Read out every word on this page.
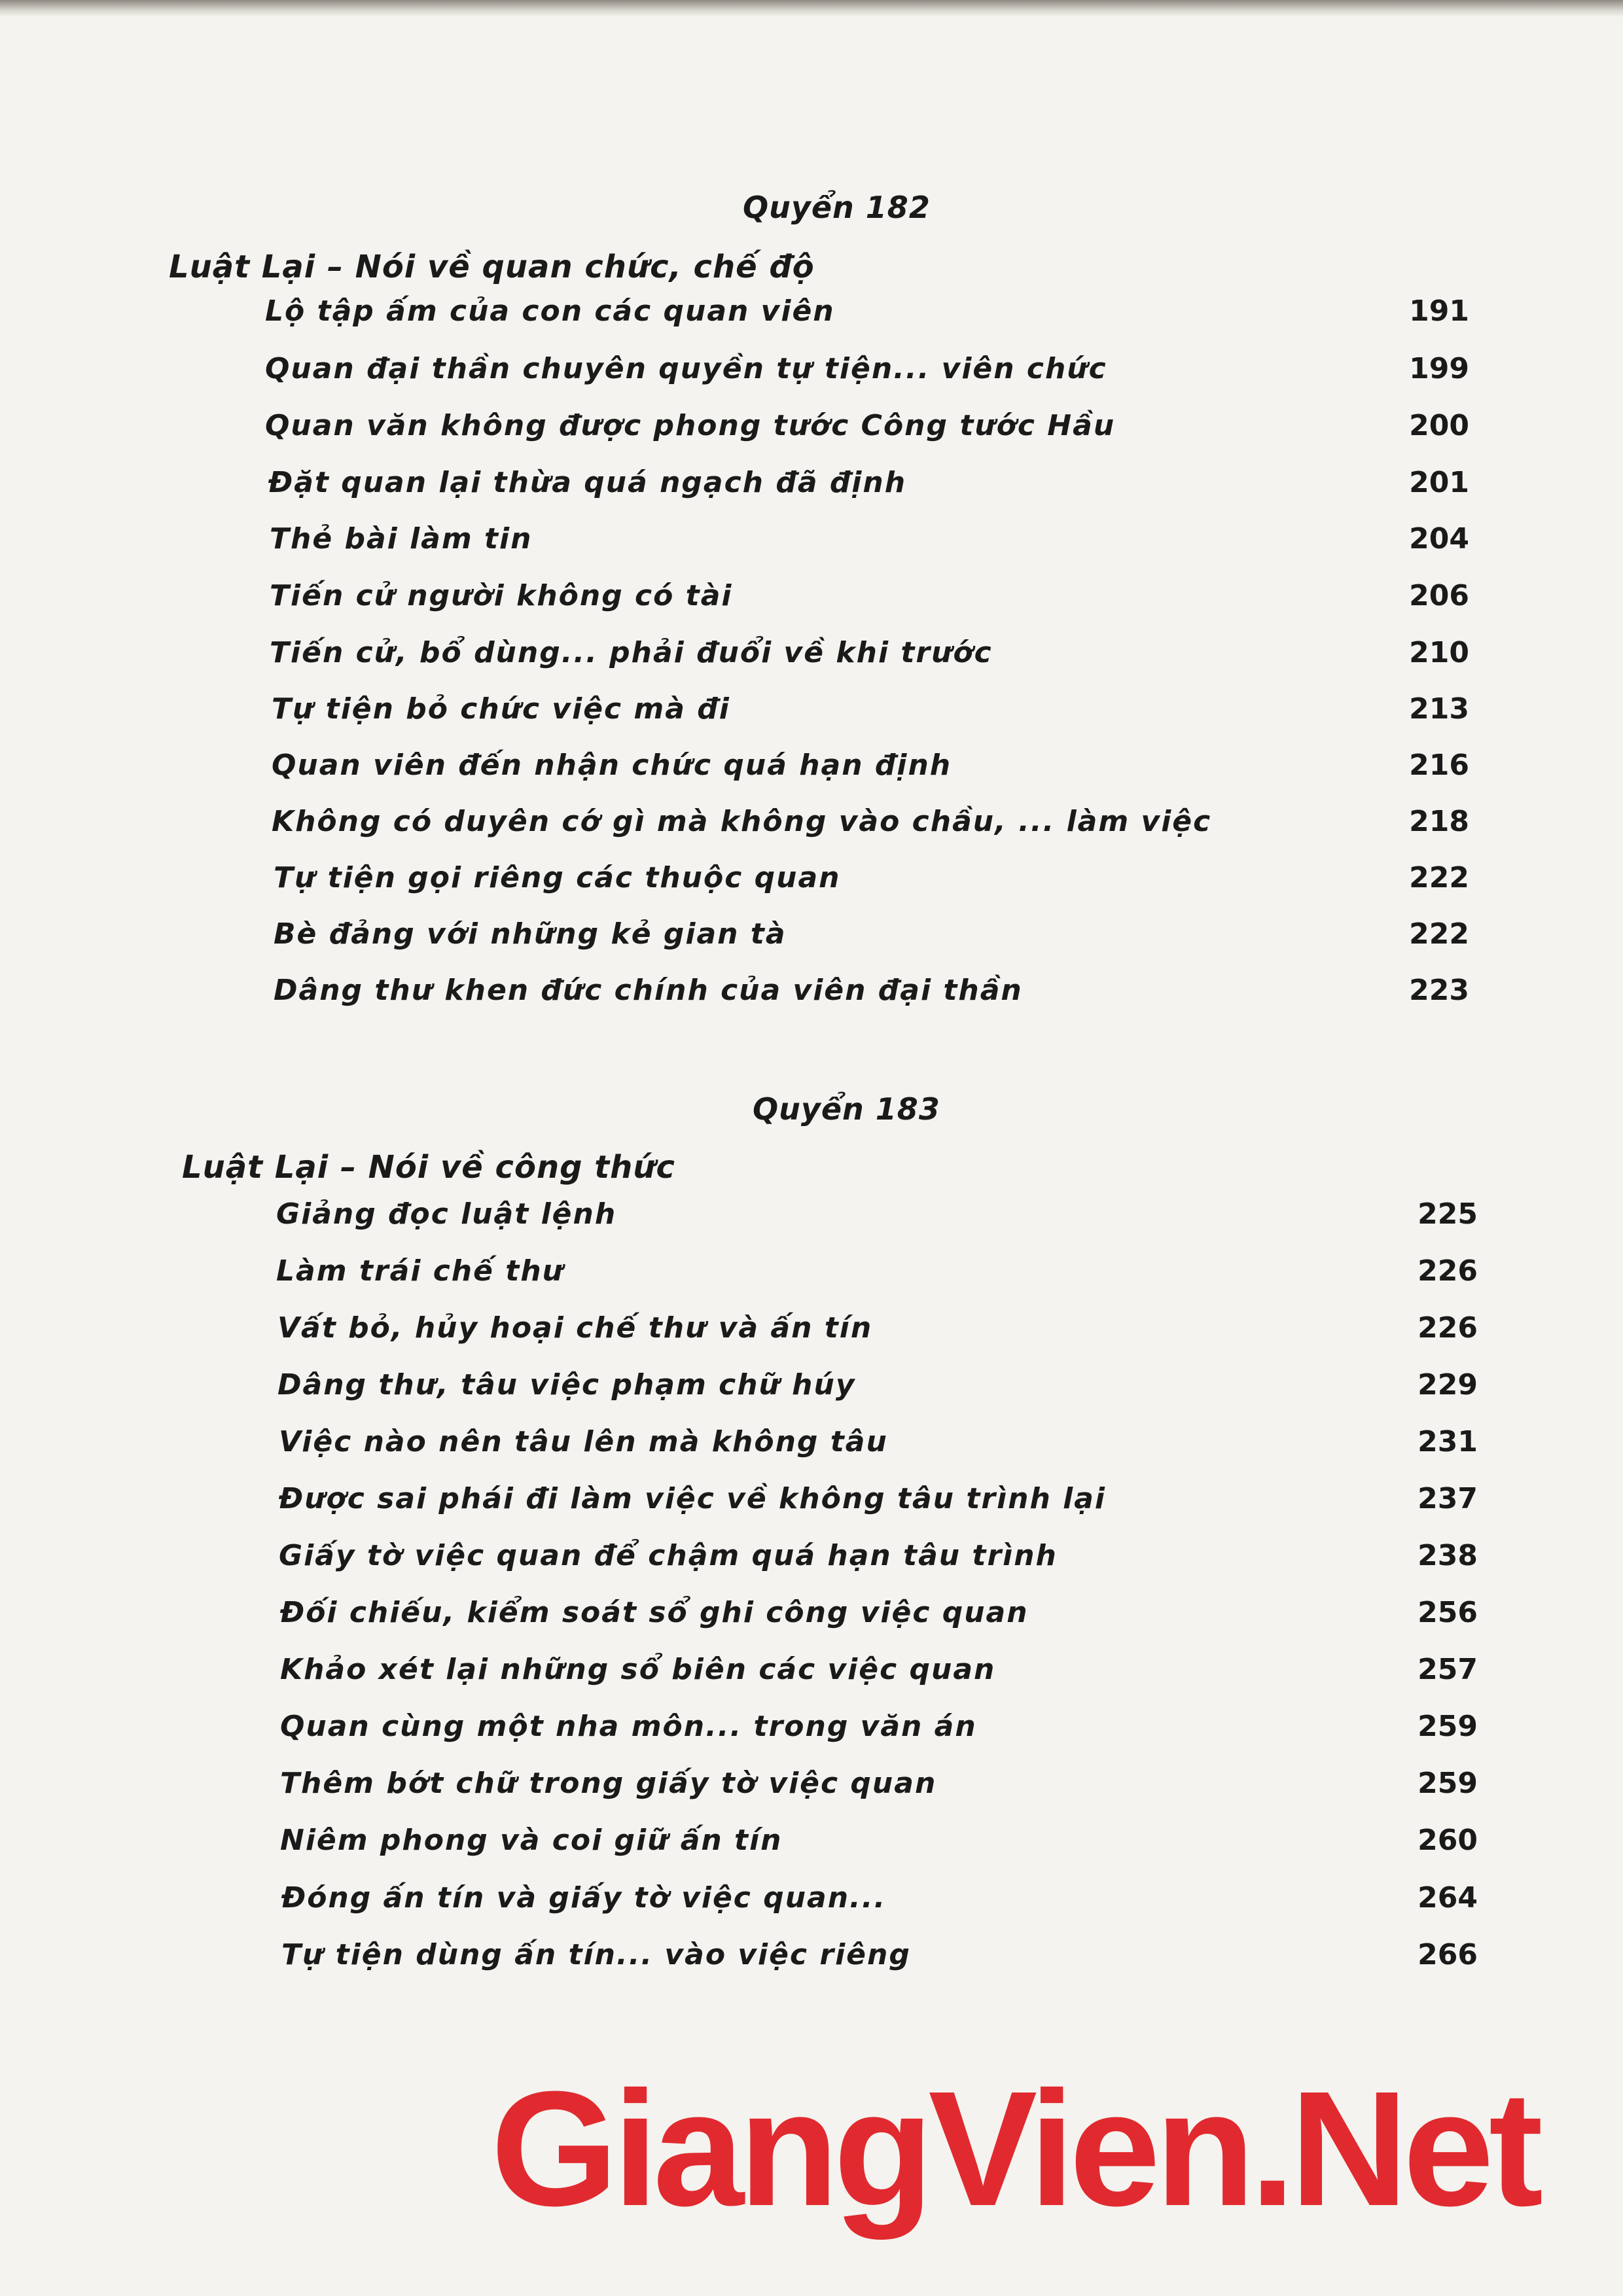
Quyển 182
Luật Lại – Nói về quan chức, chế độ
Lộ tập ấm của con các quan viên	191
Quan đại thần chuyên quyền tự tiện... viên chức	199
Quan văn không được phong tước Công tước Hầu	200
Đặt quan lại thừa quá ngạch đã định	201
Thẻ bài làm tin	204
Tiến cử người không có tài	206
Tiến cử, bổ dùng... phải đuổi về khi trước	210
Tự tiện bỏ chức việc mà đi	213
Quan viên đến nhận chức quá hạn định	216
Không có duyên cớ gì mà không vào chầu, ... làm việc	218
Tự tiện gọi riêng các thuộc quan	222
Bè đảng với những kẻ gian tà	222
Dâng thư khen đức chính của viên đại thần	223
Quyển 183
Luật Lại – Nói về công thức
Giảng đọc luật lệnh	225
Làm trái chế thư	226
Vất bỏ, hủy hoại chế thư và ấn tín	226
Dâng thư, tâu việc phạm chữ húy	229
Việc nào nên tâu lên mà không tâu	231
Được sai phái đi làm việc về không tâu trình lại	237
Giấy tờ việc quan để chậm quá hạn tâu trình	238
Đối chiếu, kiểm soát sổ ghi công việc quan	256
Khảo xét lại những sổ biên các việc quan	257
Quan cùng một nha môn... trong văn án	259
Thêm bớt chữ trong giấy tờ việc quan	259
Niêm phong và coi giữ ấn tín	260
Đóng ấn tín và giấy tờ việc quan...	264
Tự tiện dùng ấn tín... vào việc riêng	266
GiangVien.Net
